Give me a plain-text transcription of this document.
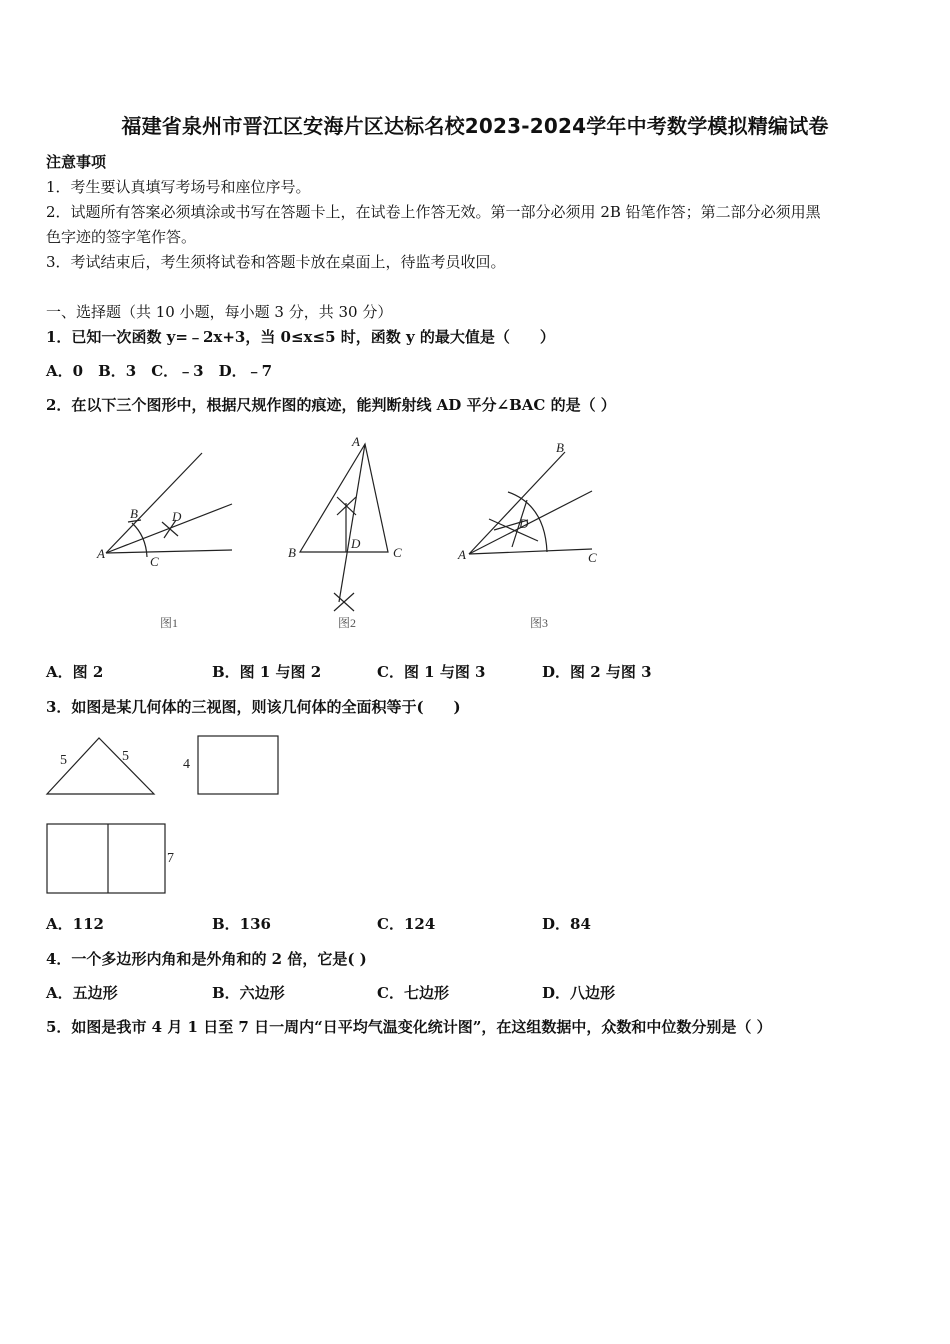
福建省泉州市晋江区安海片区达标名校2023-2024学年中考数学模拟精编试卷
注意事项
1．考生要认真填写考场号和座位序号。
2．试题所有答案必须填涂或书写在答题卡上，在试卷上作答无效。第一部分必须用 2B 铅笔作答；第二部分必须用黑
色字迹的签字笔作答。
3．考试结束后，考生须将试卷和答题卡放在桌面上，待监考员收回。
一、选择题（共 10 小题，每小题 3 分，共 30 分）
1．已知一次函数 y=﹣2x+3，当 0≤x≤5 时，函数 y 的最大值是（　　）
A．0　B．3　C．﹣3　D．﹣7
2．在以下三个图形中，根据尺规作图的痕迹，能判断射线 AD 平分∠BAC 的是（ ）
A
B
C
D
图1
A
B	C
D
图2
A
B
C
D
图3
5	5
4
7
A．图 2	B．图 1 与图 2	C．图 1 与图 3	D．图 2 与图 3
3．如图是某几何体的三视图，则该几何体的全面积等于(　　)
A．112	B．136	C．124	D．84
4．一个多边形内角和是外角和的 2 倍，它是( )
A．五边形	B．六边形	C．七边形	D．八边形
5．如图是我市 4 月 1 日至 7 日一周内“日平均气温变化统计图”，在这组数据中，众数和中位数分别是（ ）
